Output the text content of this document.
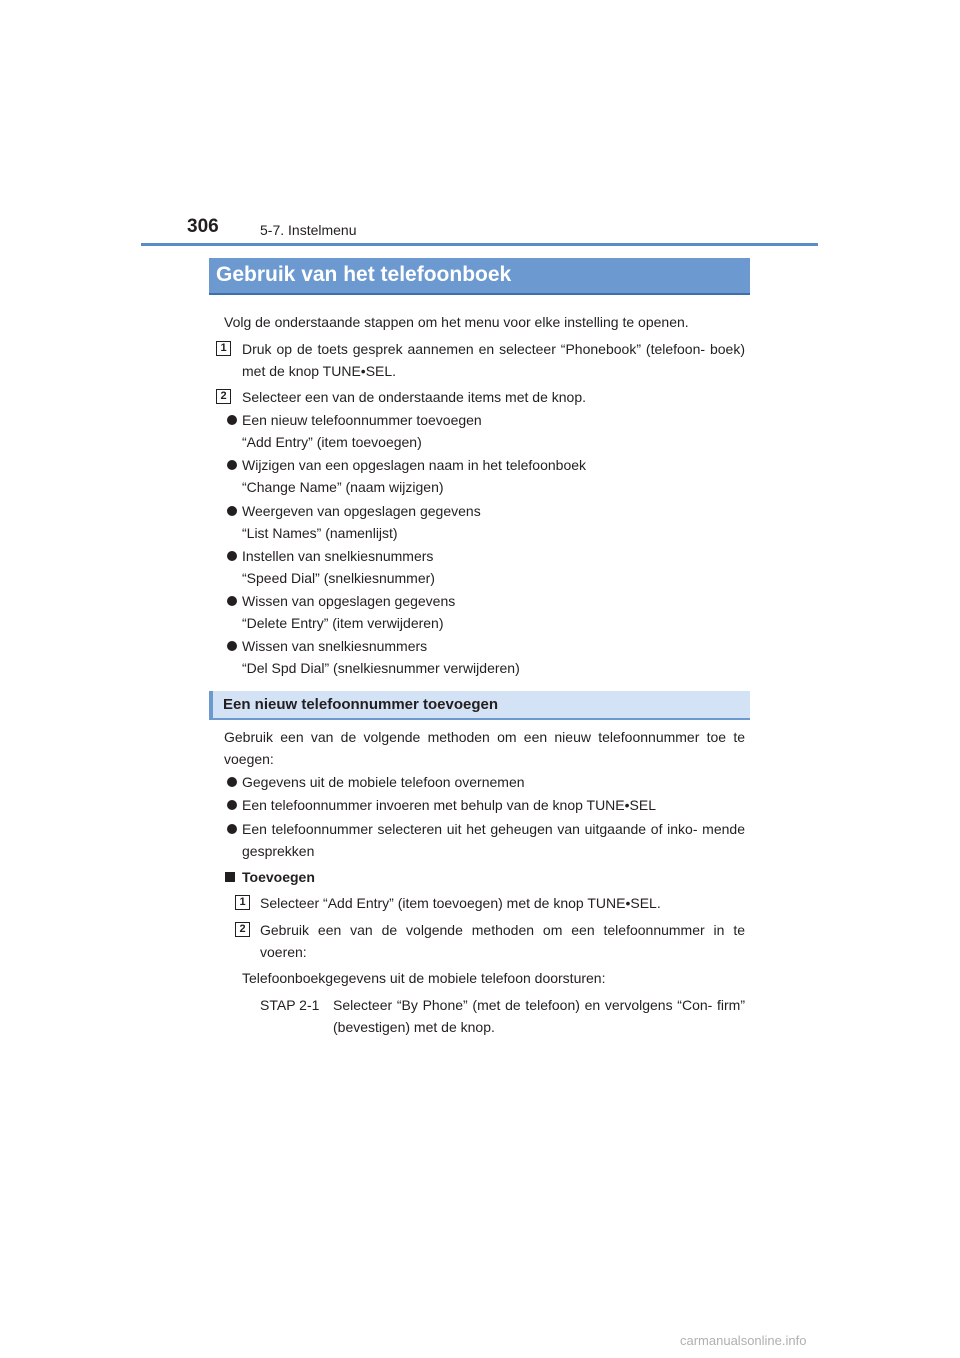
306	5-7. Instelmenu
Gebruik van het telefoonboek
Volg de onderstaande stappen om het menu voor elke instelling te openen.
1	Druk op de toets gesprek aannemen en selecteer “Phonebook” (telefoon- boek) met de knop TUNE•SEL.
2	Selecteer een van de onderstaande items met de knop.
Een nieuw telefoonnummer toevoegen
“Add Entry” (item toevoegen)
Wijzigen van een opgeslagen naam in het telefoonboek
“Change Name” (naam wijzigen)
Weergeven van opgeslagen gegevens
“List Names” (namenlijst)
Instellen van snelkiesnummers
“Speed Dial” (snelkiesnummer)
Wissen van opgeslagen gegevens
“Delete Entry” (item verwijderen)
Wissen van snelkiesnummers
“Del Spd Dial” (snelkiesnummer verwijderen)
Een nieuw telefoonnummer toevoegen
Gebruik een van de volgende methoden om een nieuw telefoonnummer toe te voegen:
Gegevens uit de mobiele telefoon overnemen
Een telefoonnummer invoeren met behulp van de knop TUNE•SEL
Een telefoonnummer selecteren uit het geheugen van uitgaande of inko- mende gesprekken
Toevoegen
1	Selecteer “Add Entry” (item toevoegen) met de knop TUNE•SEL.
2	Gebruik een van de volgende methoden om een telefoonnummer in te voeren:
Telefoonboekgegevens uit de mobiele telefoon doorsturen:
STAP 2-1 Selecteer “By Phone” (met de telefoon) en vervolgens “Con- firm” (bevestigen) met de knop.
carmanualsonline.info
